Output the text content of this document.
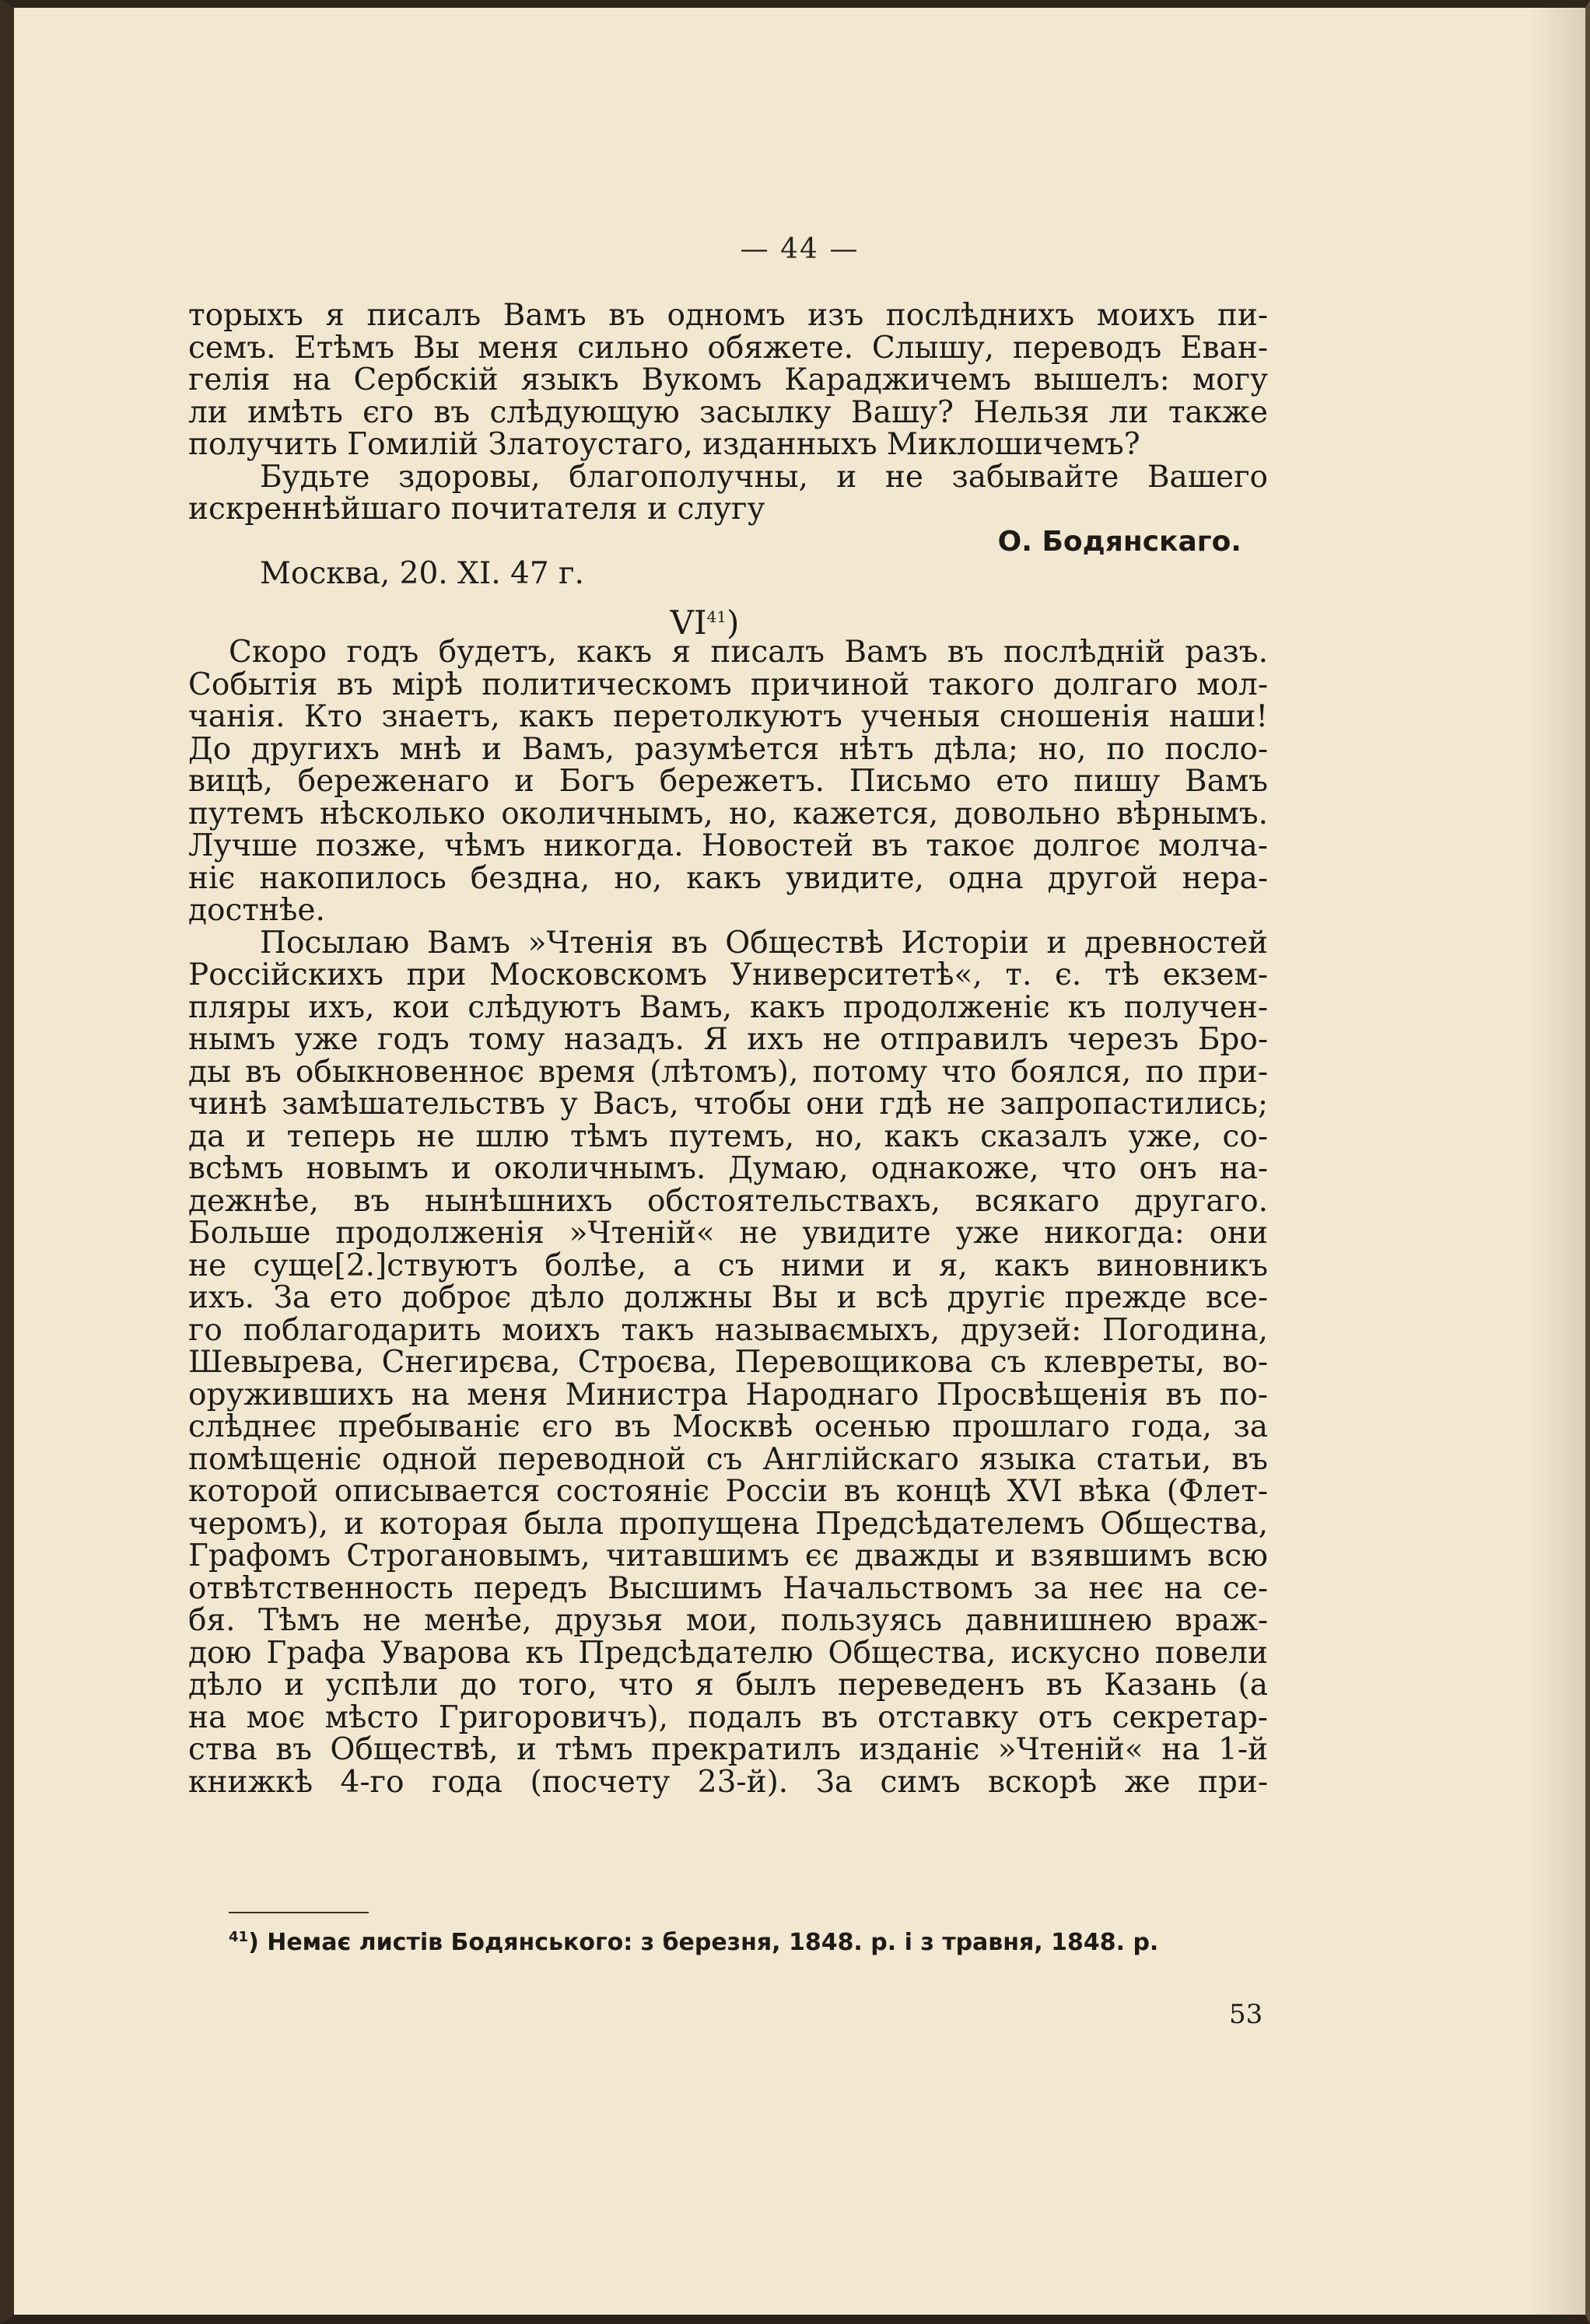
— 44 —
торыхъ я писалъ Вамъ въ одномъ изъ послѣднихъ моихъ пи-
семъ. Етѣмъ Вы меня сильно обяжете. Слышу, переводъ Еван-
гелія на Сербскій языкъ Вукомъ Караджичемъ вышелъ: могу
ли имѣть єго въ слѣдующую засылку Вашу? Нельзя ли также
получить Гомилій Златоустаго, изданныхъ Миклошичемъ?
Будьте здоровы, благополучны, и не забывайте Вашего
искреннѣйшаго почитателя и слугу
О. Бодянскаго.
Москва, 20. XI. 47 г.
VI$^{41}$)
Скоро годъ будетъ, какъ я писалъ Вамъ въ послѣдній разъ.
Событія въ мірѣ политическомъ причиной такого долгаго мол-
чанія. Кто знаетъ, какъ перетолкуютъ ученыя сношенія наши!
До другихъ мнѣ и Вамъ, разумѣется нѣтъ дѣла; но, по посло-
вицѣ, береженаго и Богъ бережетъ. Письмо ето пишу Вамъ
путемъ нѣсколько околичнымъ, но, кажется, довольно вѣрнымъ.
Лучше позже, чѣмъ никогда. Новостей въ такоє долгоє молча-
ніє накопилось бездна, но, какъ увидите, одна другой нера-
достнѣе.
Посылаю Вамъ »Чтенія въ Обществѣ Исторіи и древностей
Россійскихъ при Московскомъ Университетѣ«, т. є. тѣ екзем-
пляры ихъ, кои слѣдуютъ Вамъ, какъ продолженіє къ получен-
нымъ уже годъ тому назадъ. Я ихъ не отправилъ черезъ Бро-
ды въ обыкновенноє время (лѣтомъ), потому что боялся, по при-
чинѣ замѣшательствъ у Васъ, чтобы они гдѣ не запропастились;
да и теперь не шлю тѣмъ путемъ, но, какъ сказалъ уже, со-
всѣмъ новымъ и околичнымъ. Думаю, однакоже, что онъ на-
дежнѣе, въ нынѣшнихъ обстоятельствахъ, всякаго другаго.
Больше продолженія »Чтеній« не увидите уже никогда: они
не суще[2.]ствуютъ болѣе, а съ ними и я, какъ виновникъ
ихъ. За ето доброє дѣло должны Вы и всѣ другіє прежде все-
го поблагодарить моихъ такъ называємыхъ, друзей: Погодина,
Шевырева, Снегирєва, Строєва, Перевощикова съ клевреты, во-
оружившихъ на меня Министра Народнаго Просвѣщенія въ по-
слѣднеє пребываніє єго въ Москвѣ осенью прошлаго года, за
помѣщеніє одной переводной съ Англійскаго языка статьи, въ
которой описывается состояніє Россіи въ концѣ XVI вѣка (Флет-
черомъ), и которая была пропущена Предсѣдателемъ Общества,
Графомъ Строгановымъ, читавшимъ єє дважды и взявшимъ всю
отвѣтственность передъ Высшимъ Начальствомъ за неє на се-
бя. Тѣмъ не менѣе, друзья мои, пользуясь давнишнею враж-
дою Графа Уварова къ Предсѣдателю Общества, искусно повели
дѣло и успѣли до того, что я былъ переведенъ въ Казань (а
на моє мѣсто Григоровичъ), подалъ въ отставку отъ секретар-
ства въ Обществѣ, и тѣмъ прекратилъ изданіє »Чтеній« на 1-й
книжкѣ 4-го года (посчету 23-й). За симъ вскорѣ же при-
$^{41}$) Немає листів Бодянського: з березня, 1848. р. і з травня, 1848. р.
53
